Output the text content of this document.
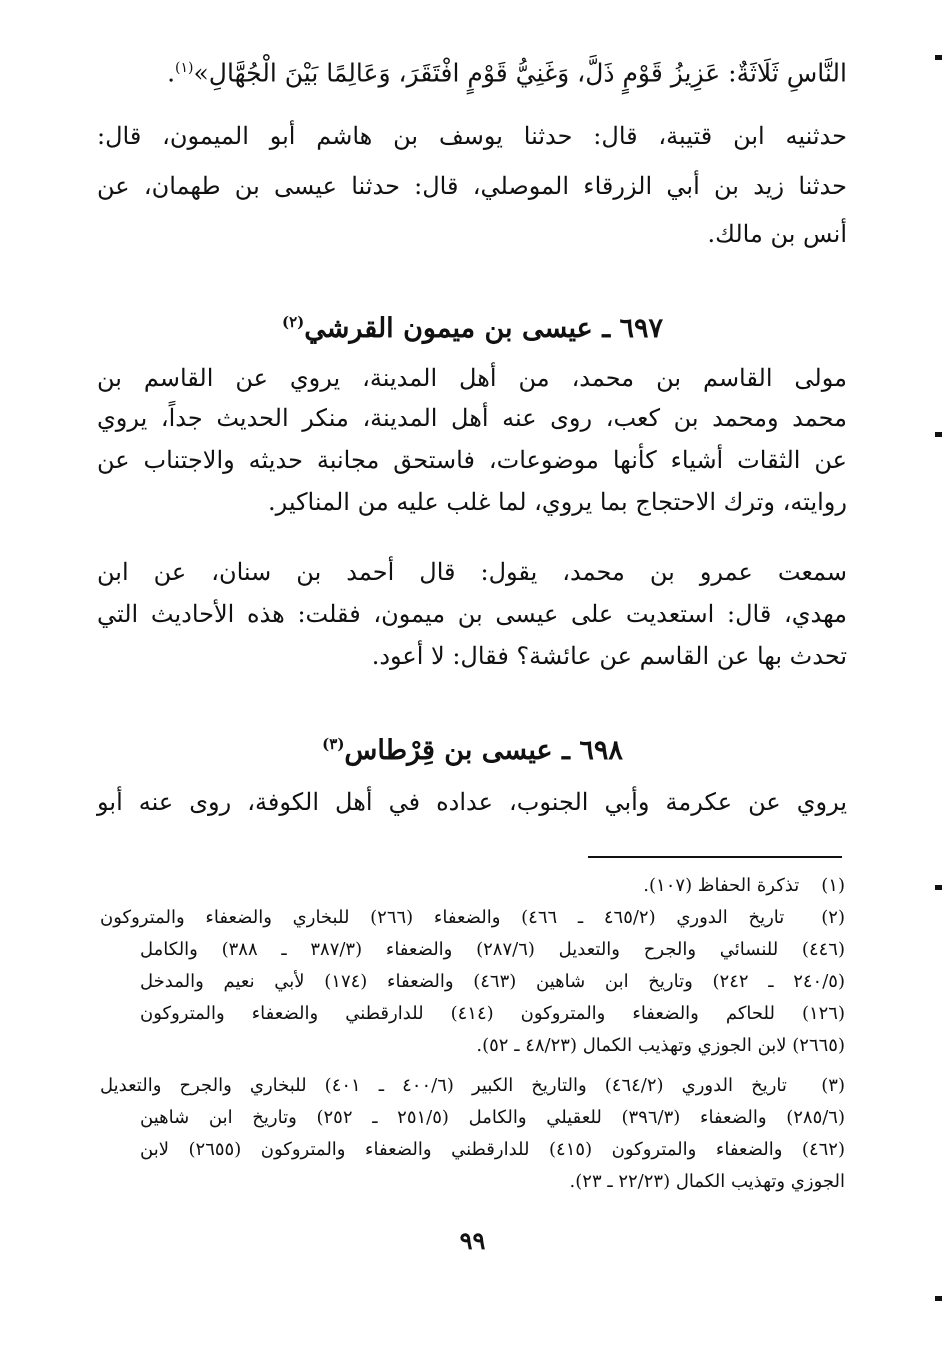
النَّاسِ ثَلَاثَةٌ: عَزِيزُ قَوْمٍ ذَلَّ، وَغَنِيُّ قَوْمٍ افْتَقَرَ، وَعَالِمًا بَيْنَ الْجُهَّالِ»$^{(١)}$.
حدثنيه ابن قتيبة، قال: حدثنا يوسف بن هاشم أبو الميمون، قال:
حدثنا زيد بن أبي الزرقاء الموصلي، قال: حدثنا عيسى بن طهمان، عن
أنس بن مالك.
٦٩٧ ـ عيسى بن ميمون القرشي$^{(٢)}$
مولى القاسم بن محمد، من أهل المدينة، يروي عن القاسم بن
محمد ومحمد بن كعب، روى عنه أهل المدينة، منكر الحديث جداً، يروي
عن الثقات أشياء كأنها موضوعات، فاستحق مجانبة حديثه والاجتناب عن
روايته، وترك الاحتجاج بما يروي، لما غلب عليه من المناكير.
سمعت عمرو بن محمد، يقول: قال أحمد بن سنان، عن ابن
مهدي، قال: استعديت على عيسى بن ميمون، فقلت: هذه الأحاديث التي
تحدث بها عن القاسم عن عائشة؟ فقال: لا أعود.
٦٩٨ ـ عيسى بن قِرْطاس$^{(٣)}$
يروي عن عكرمة وأبي الجنوب، عداده في أهل الكوفة، روى عنه أبو
(١) تذكرة الحفاظ (١٠٧).
(٢) تاريخ الدوري (٤٦٥/٢ ـ ٤٦٦) والضعفاء (٢٦٦) للبخاري والضعفاء والمتروكون
(٤٤٦) للنسائي والجرح والتعديل (٢٨٧/٦) والضعفاء (٣٨٧/٣ ـ ٣٨٨) والكامل
(٢٤٠/٥ ـ ٢٤٢) وتاريخ ابن شاهين (٤٦٣) والضعفاء (١٧٤) لأبي نعيم والمدخل
(١٢٦) للحاكم والضعفاء والمتروكون (٤١٤) للدارقطني والضعفاء والمتروكون
(٢٦٦٥) لابن الجوزي وتهذيب الكمال (٤٨/٢٣ ـ ٥٢).
(٣) تاريخ الدوري (٤٦٤/٢) والتاريخ الكبير (٤٠٠/٦ ـ ٤٠١) للبخاري والجرح والتعديل
(٢٨٥/٦) والضعفاء (٣٩٦/٣) للعقيلي والكامل (٢٥١/٥ ـ ٢٥٢) وتاريخ ابن شاهين
(٤٦٢) والضعفاء والمتروكون (٤١٥) للدارقطني والضعفاء والمتروكون (٢٦٥٥) لابن
الجوزي وتهذيب الكمال (٢٢/٢٣ ـ ٢٣).
٩٩
